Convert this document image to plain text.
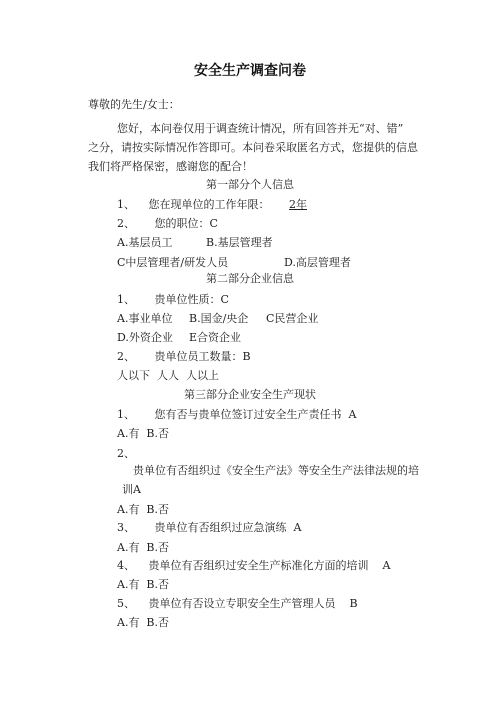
安全生产调查问卷
尊敬的先生/女士：
您好，本问卷仅用于调查统计情况，所有回答并无“对、错”
之分，请按实际情况作答即可。本问卷采取匿名方式，您提供的信息
我们将严格保密，感谢您的配合！
第一部分个人信息
1、 您在现单位的工作年限： 2年
2、 您的职位：C
A.基层员工	B.基层管理者
C中层管理者/研发人员	D.高层管理者
第二部分企业信息
1、 贵单位性质：C
A.事业单位 B.国金/央企 C民营企业
D.外资企业 E合资企业
2、 贵单位员工数量：B
人以下  人人  人以上
第三部分企业安全生产现状
1、 您有否与贵单位签订过安全生产责任书  A
A.有  B.否
2、
贵单位有否组织过《安全生产法》等安全生产法律法规的培
训A
A.有  B.否
3、 贵单位有否组织过应急演练  A
A.有  B.否
4、 贵单位有否组织过安全生产标准化方面的培训    A
A.有  B.否
5、 贵单位有否设立专职安全生产管理人员    B
A.有  B.否
